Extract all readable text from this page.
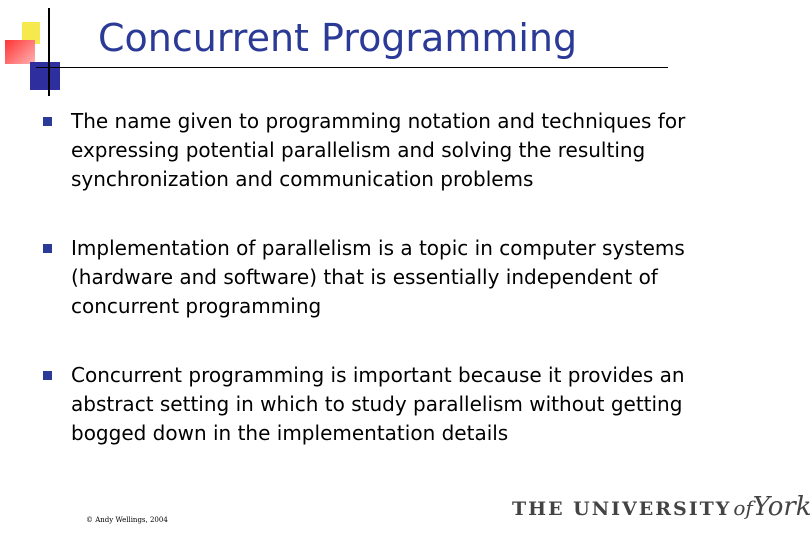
Concurrent Programming
The name given to programming notation and techniques for expressing potential parallelism and solving the resulting synchronization and communication problems
Implementation of parallelism is a topic in computer systems (hardware and software) that is essentially independent of concurrent programming
Concurrent programming is important because it provides an abstract setting in which to study parallelism without getting bogged down in the implementation details
© Andy Wellings, 2004	THE UNIVERSITY ofYork
